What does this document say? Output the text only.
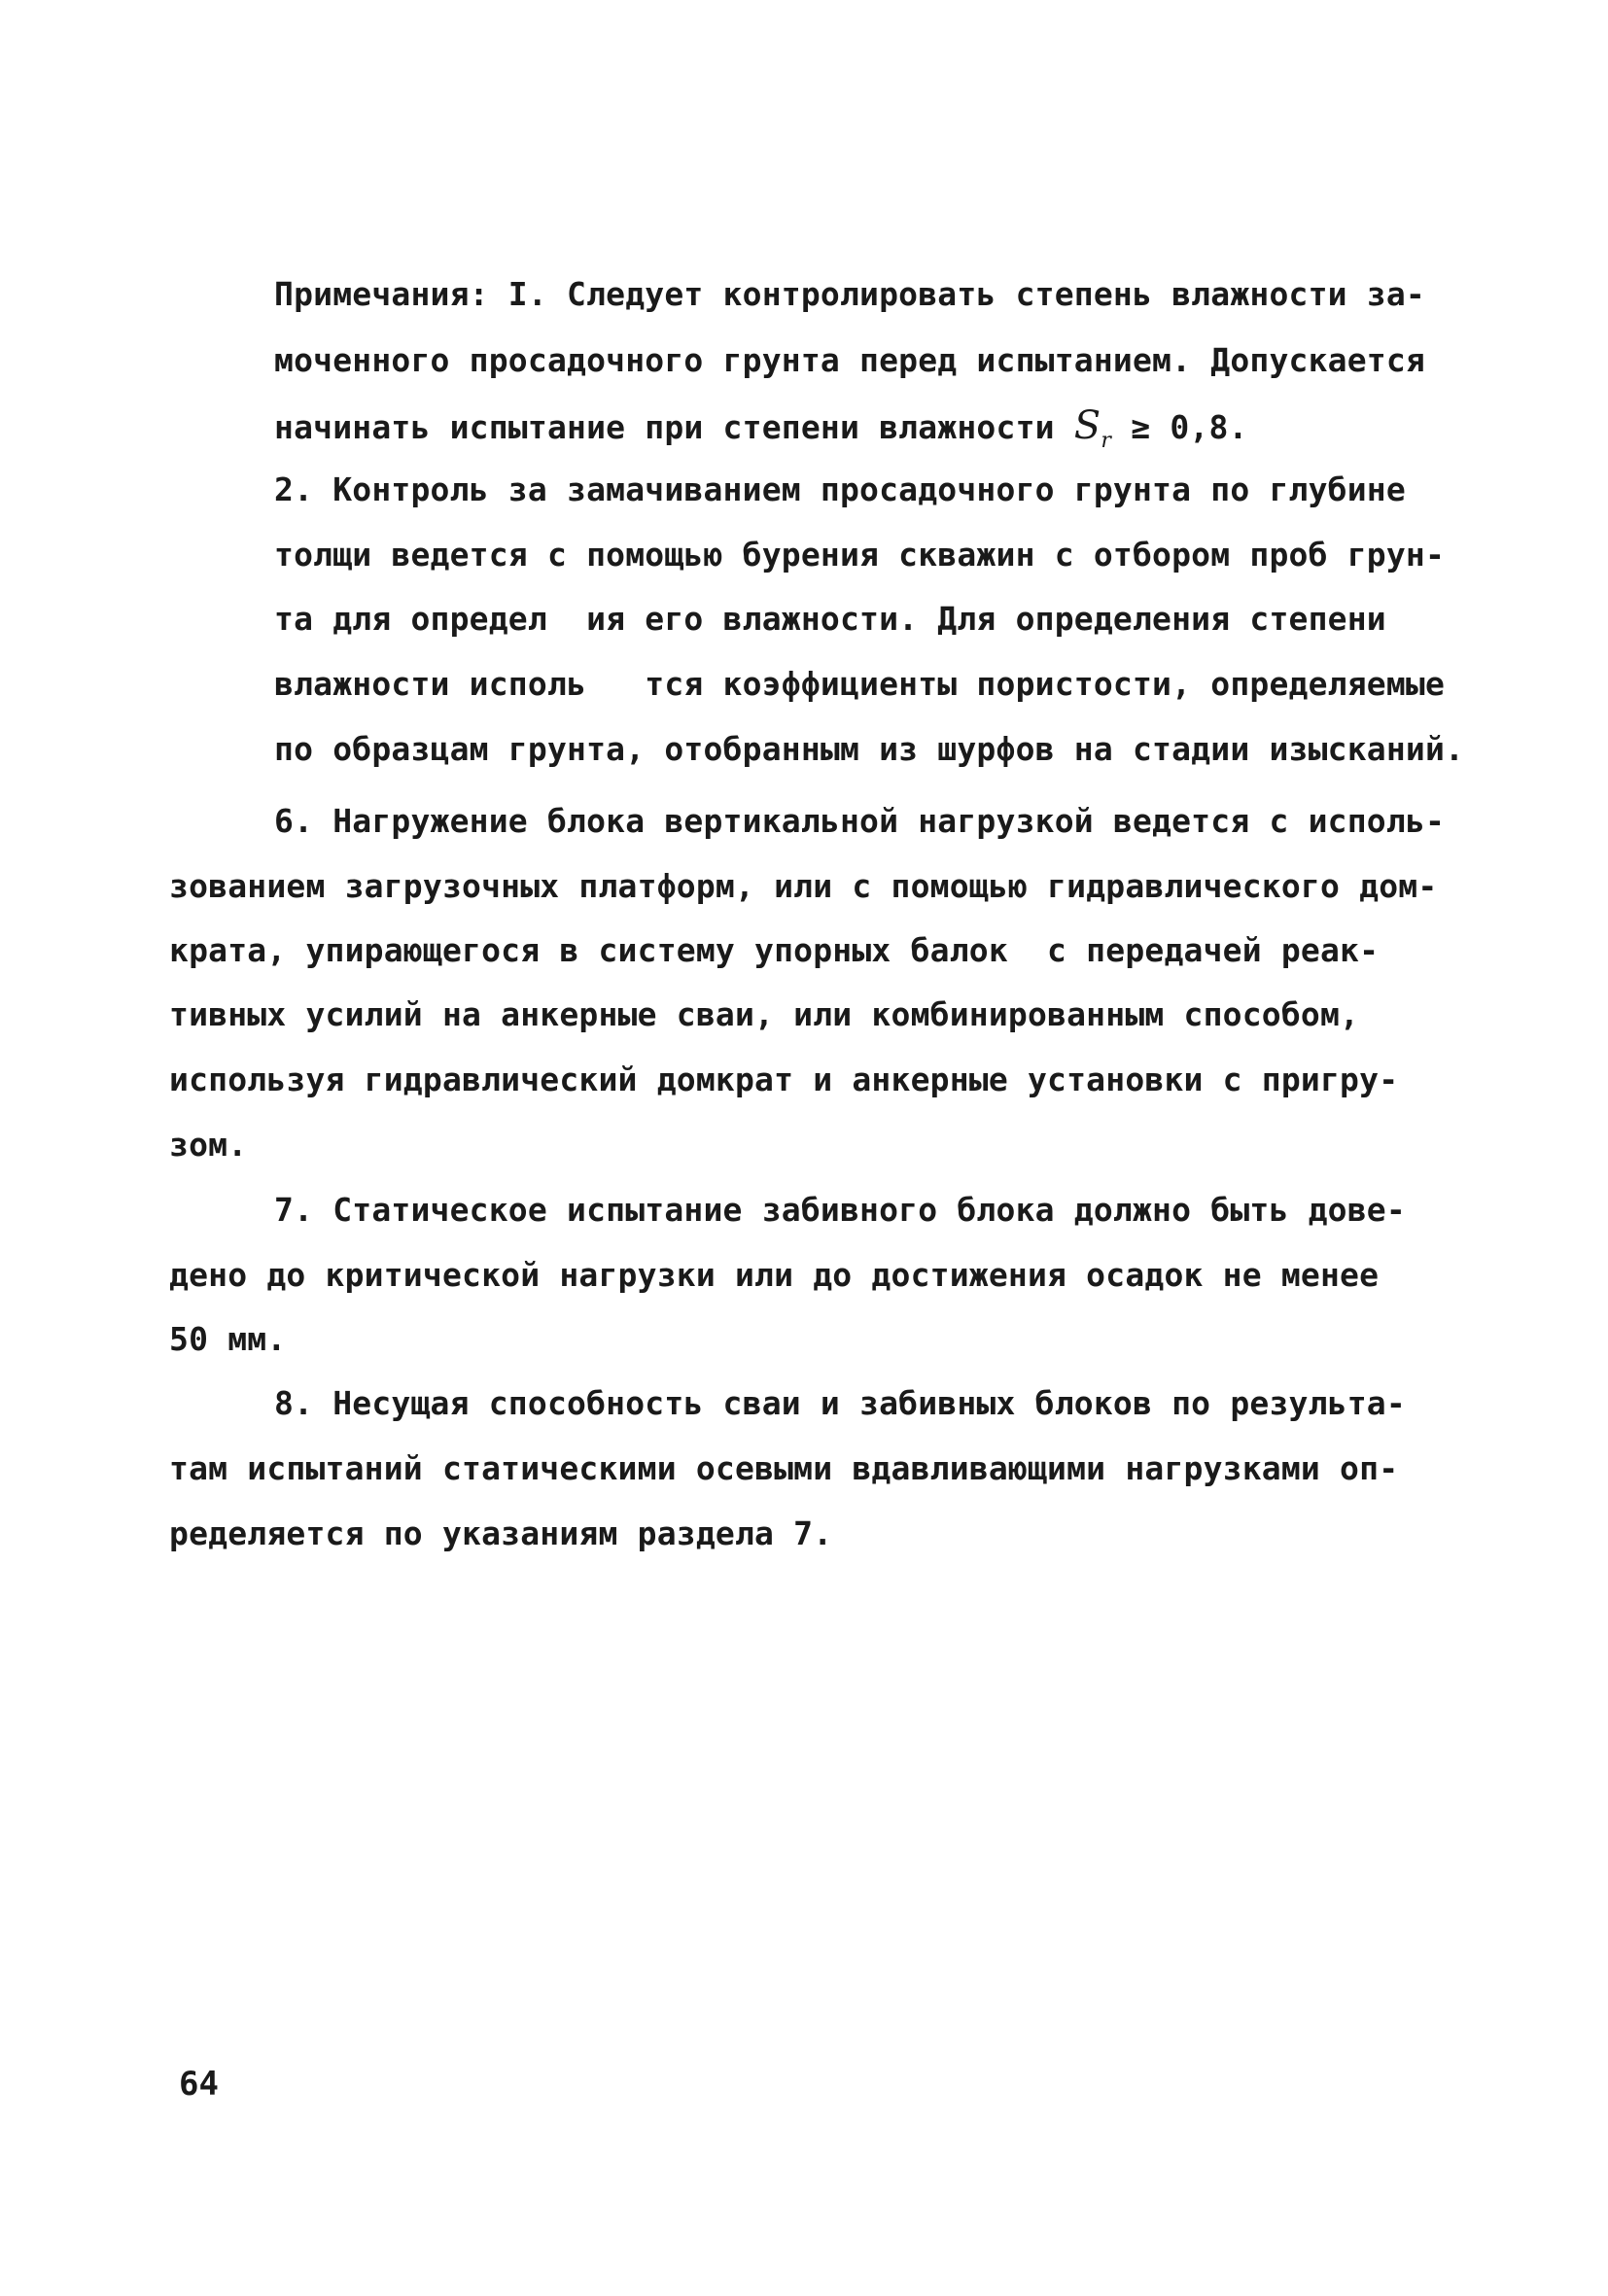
Примечания: I. Следует контролировать степень влажности за-
моченного просадочного грунта перед испытанием. Допускается
начинать испытание при степени влажности $S_r \ge 0,8$.
2. Контроль за замачиванием просадочного грунта по глубине
толщи ведется с помощью бурения скважин с отбором проб грун-
та для определ  ия его влажности. Для определения степени
влажности исполь   тся коэффициенты пористости, определяемые
по образцам грунта, отобранным из шурфов на стадии изысканий.
6. Нагружение блока вертикальной нагрузкой ведется с исполь-
зованием загрузочных платформ, или с помощью гидравлического дом-
крата, упирающегося в систему упорных балок  с передачей реак-
тивных усилий на анкерные сваи, или комбинированным способом,
используя гидравлический домкрат и анкерные установки с пригру-
зом.
7. Статическое испытание забивного блока должно быть дове-
дено до критической нагрузки или до достижения осадок не менее
50 мм.
8. Несущая способность сваи и забивных блоков по результа-
там испытаний статическими осевыми вдавливающими нагрузками оп-
ределяется по указаниям раздела 7.
64
